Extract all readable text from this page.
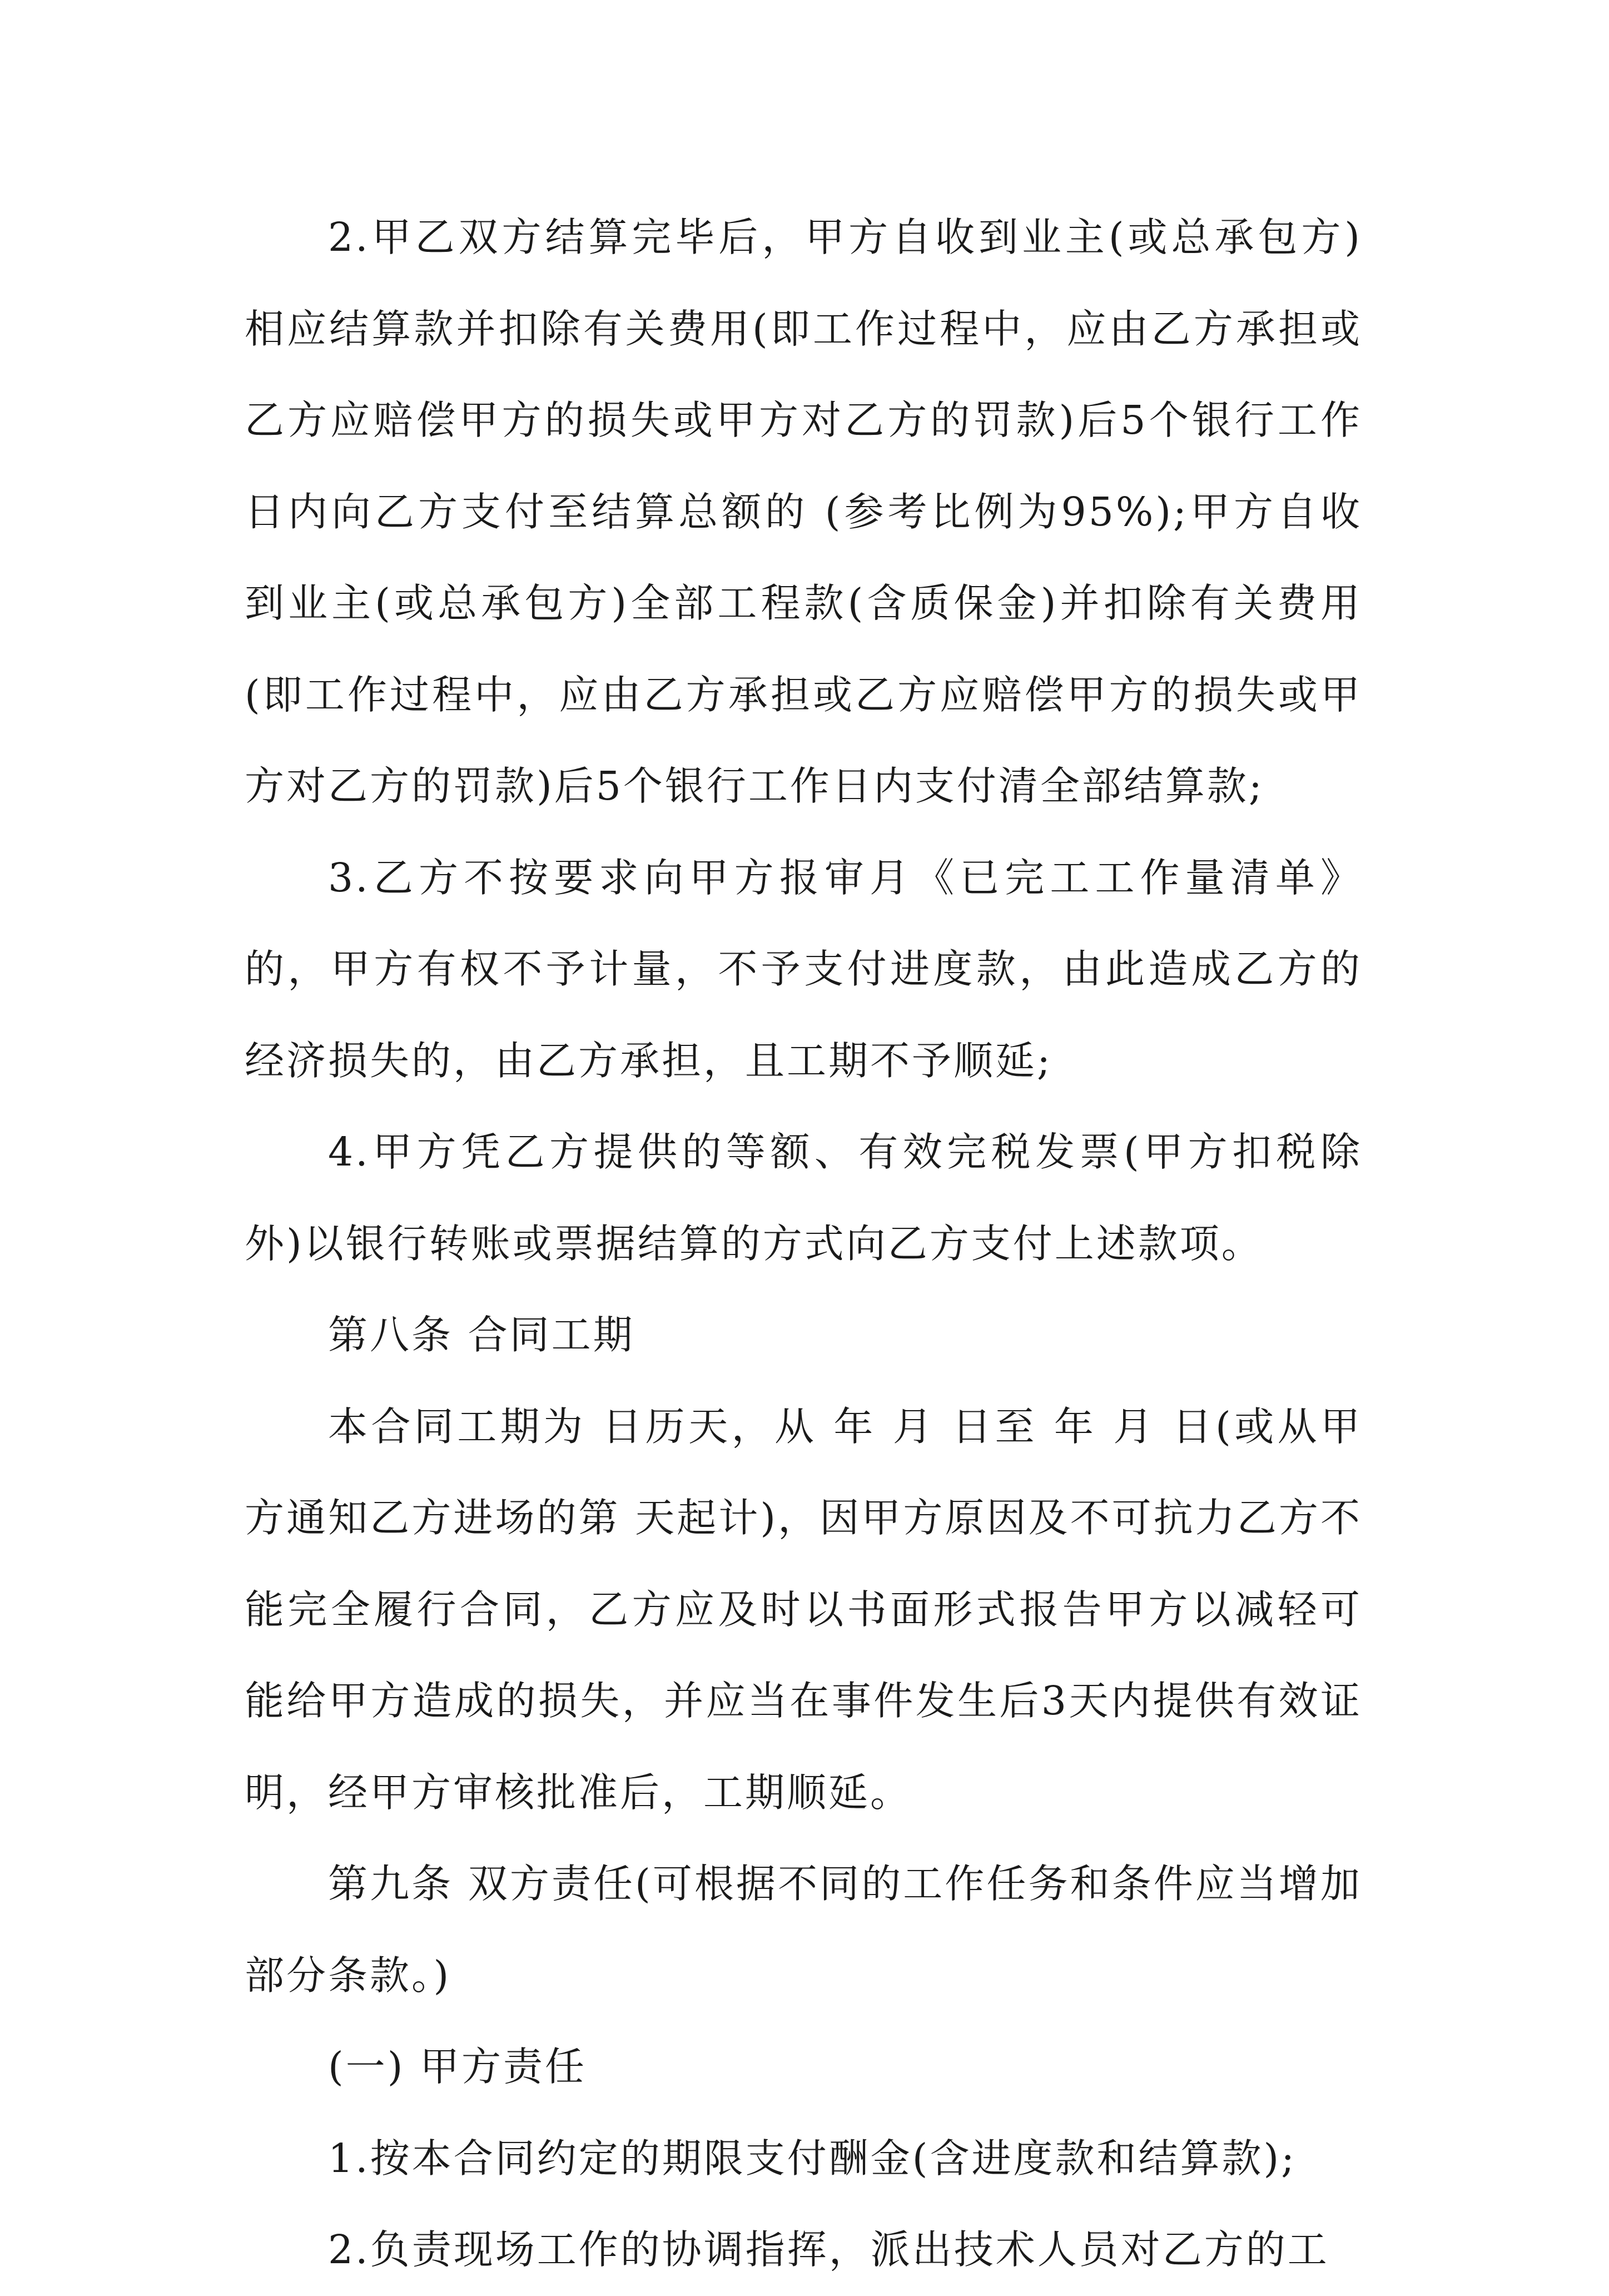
2.甲乙双方结算完毕后，甲方自收到业主(或总承包方)相应结算款并扣除有关费用(即工作过程中，应由乙方承担或乙方应赔偿甲方的损失或甲方对乙方的罚款)后5个银行工作日内向乙方支付至结算总额的 (参考比例为95%);甲方自收到业主(或总承包方)全部工程款(含质保金)并扣除有关费用(即工作过程中，应由乙方承担或乙方应赔偿甲方的损失或甲方对乙方的罚款)后5个银行工作日内支付清全部结算款;

3.乙方不按要求向甲方报审月《已完工工作量清单》的，甲方有权不予计量，不予支付进度款，由此造成乙方的经济损失的，由乙方承担，且工期不予顺延;

4.甲方凭乙方提供的等额、有效完税发票(甲方扣税除外)以银行转账或票据结算的方式向乙方支付上述款项。

第八条 合同工期

本合同工期为 日历天，从 年 月 日至 年 月 日(或从甲方通知乙方进场的第 天起计)，因甲方原因及不可抗力乙方不能完全履行合同，乙方应及时以书面形式报告甲方以减轻可能给甲方造成的损失，并应当在事件发生后3天内提供有效证明，经甲方审核批准后，工期顺延。

第九条 双方责任(可根据不同的工作任务和条件应当增加部分条款。)

(一) 甲方责任

1.按本合同约定的期限支付酬金(含进度款和结算款);

2.负责现场工作的协调指挥，派出技术人员对乙方的工
